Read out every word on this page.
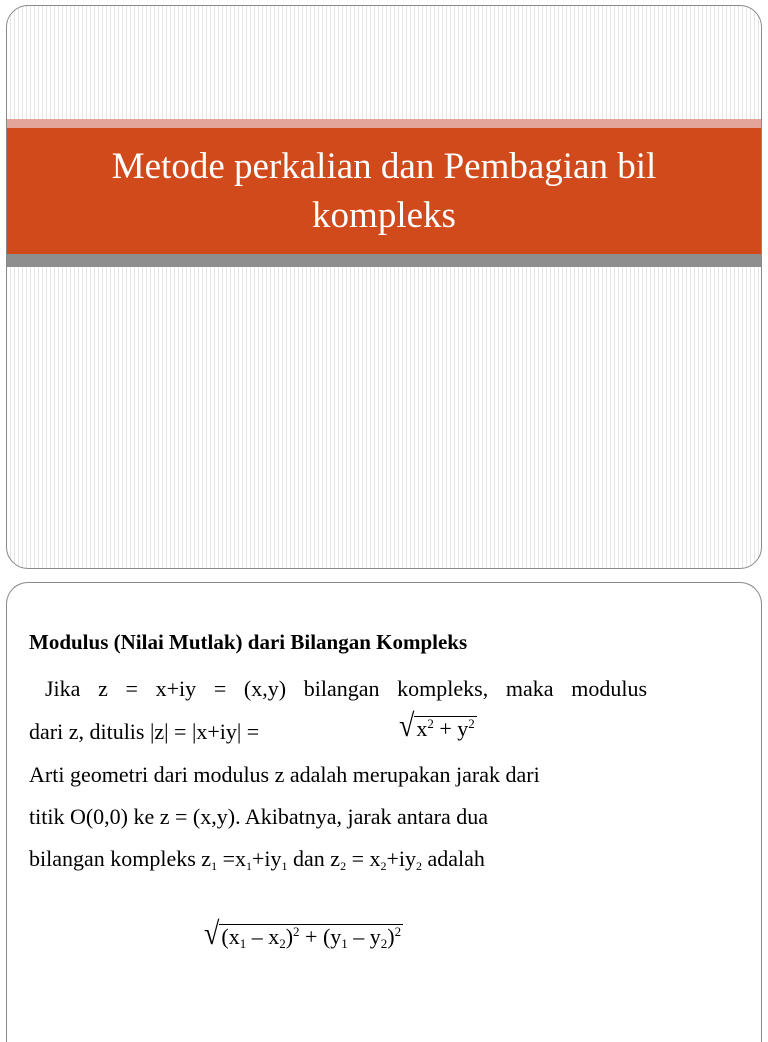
Metode perkalian dan Pembagian bil
kompleks
Modulus (Nilai Mutlak) dari Bilangan Kompleks
Jika z = x+iy = (x,y) bilangan kompleks, maka modulus
dari z, ditulis |z| = |x+iy| =	√ $x^2 + y^2$
Arti geometri dari modulus z adalah merupakan jarak dari
titik O(0,0) ke z = (x,y). Akibatnya, jarak antara dua
bilangan kompleks $z_1 =x_1+iy_1$ dan $z_2 = x_2+iy_2$ adalah
√ (x1 – x2)$^2$ + (y1 – y2)$^2$
